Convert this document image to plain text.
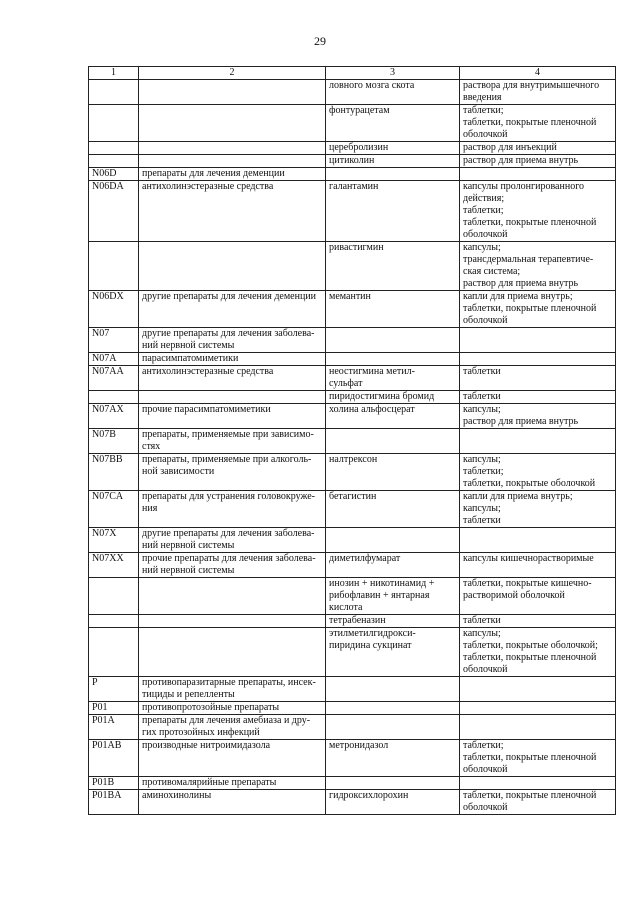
29
1	2	3	4
		ловного мозга скота	раствора для внутримышечного
введения
		фонтурацетам	таблетки;
таблетки, покрытые пленочной
оболочкой
		церебролизин	раствор для инъекций
		цитиколин	раствор для приема внутрь
N06D	препараты для лечения деменции		
N06DA	антихолинэстеразные средства	галантамин	капсулы пролонгированного
действия;
таблетки;
таблетки, покрытые пленочной
оболочкой
		ривастигмин	капсулы;
трансдермальная терапевтиче-
ская система;
раствор для приема внутрь
N06DX	другие препараты для лечения деменции	мемантин	капли для приема внутрь;
таблетки, покрытые пленочной
оболочкой
N07	другие препараты для лечения заболева-
ний нервной системы		
N07A	парасимпатомиметики		
N07AA	антихолинэстеразные средства	неостигмина метил-
сульфат	таблетки
		пиридостигмина бромид	таблетки
N07AX	прочие парасимпатомиметики	холина альфосцерат	капсулы;
раствор для приема внутрь
N07B	препараты, применяемые при зависимо-
стях		
N07BB	препараты, применяемые при алкоголь-
ной зависимости	налтрексон	капсулы;
таблетки;
таблетки, покрытые оболочкой
N07CA	препараты для устранения головокруже-
ния	бетагистин	капли для приема внутрь;
капсулы;
таблетки
N07X	другие препараты для лечения заболева-
ний нервной системы		
N07XX	прочие препараты для лечения заболева-
ний нервной системы	диметилфумарат	капсулы кишечнорастворимые
		инозин + никотинамид +
рибофлавин + янтарная
кислота	таблетки, покрытые кишечно-
растворимой оболочкой
		тетрабеназин	таблетки
		этилметилгидрокси-
пиридина сукцинат	капсулы;
таблетки, покрытые оболочкой;
таблетки, покрытые пленочной
оболочкой
P	противопаразитарные препараты, инсек-
тициды и репелленты		
P01	противопротозойные препараты		
P01A	препараты для лечения амебиаза и дру-
гих протозойных инфекций		
P01AB	производные нитроимидазола	метронидазол	таблетки;
таблетки, покрытые пленочной
оболочкой
P01B	противомалярийные препараты		
P01BA	аминохинолины	гидроксихлорохин	таблетки, покрытые пленочной
оболочкой
